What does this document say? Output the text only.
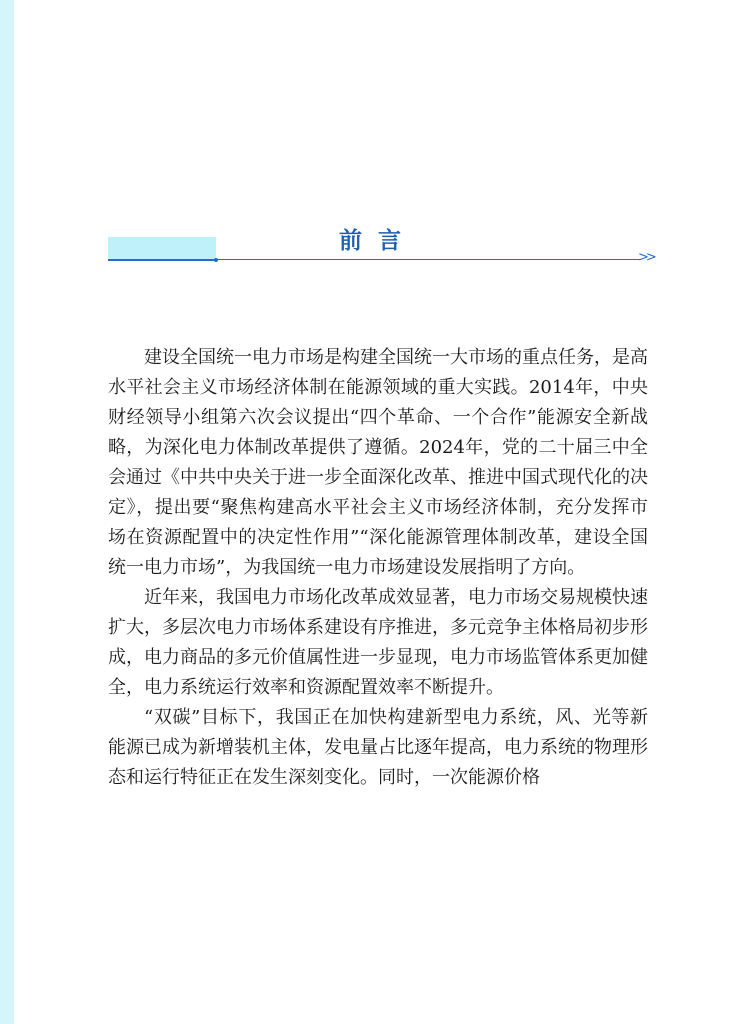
前言
>>

建设全国统一电力市场是构建全国统一大市场的重点任务，是高水平社会主义市场经济体制在能源领域的重大实践。2014年，中央财经领导小组第六次会议提出“四个革命、一个合作”能源安全新战略，为深化电力体制改革提供了遵循。2024年，党的二十届三中全会通过《中共中央关于进一步全面深化改革、推进中国式现代化的决定》，提出要“聚焦构建高水平社会主义市场经济体制，充分发挥市场在资源配置中的决定性作用”“深化能源管理体制改革，建设全国统一电力市场”，为我国统一电力市场建设发展指明了方向。

近年来，我国电力市场化改革成效显著，电力市场交易规模快速扩大，多层次电力市场体系建设有序推进，多元竞争主体格局初步形成，电力商品的多元价值属性进一步显现，电力市场监管体系更加健全，电力系统运行效率和资源配置效率不断提升。

“双碳”目标下，我国正在加快构建新型电力系统，风、光等新能源已成为新增装机主体，发电量占比逐年提高，电力系统的物理形态和运行特征正在发生深刻变化。同时，一次能源价格
